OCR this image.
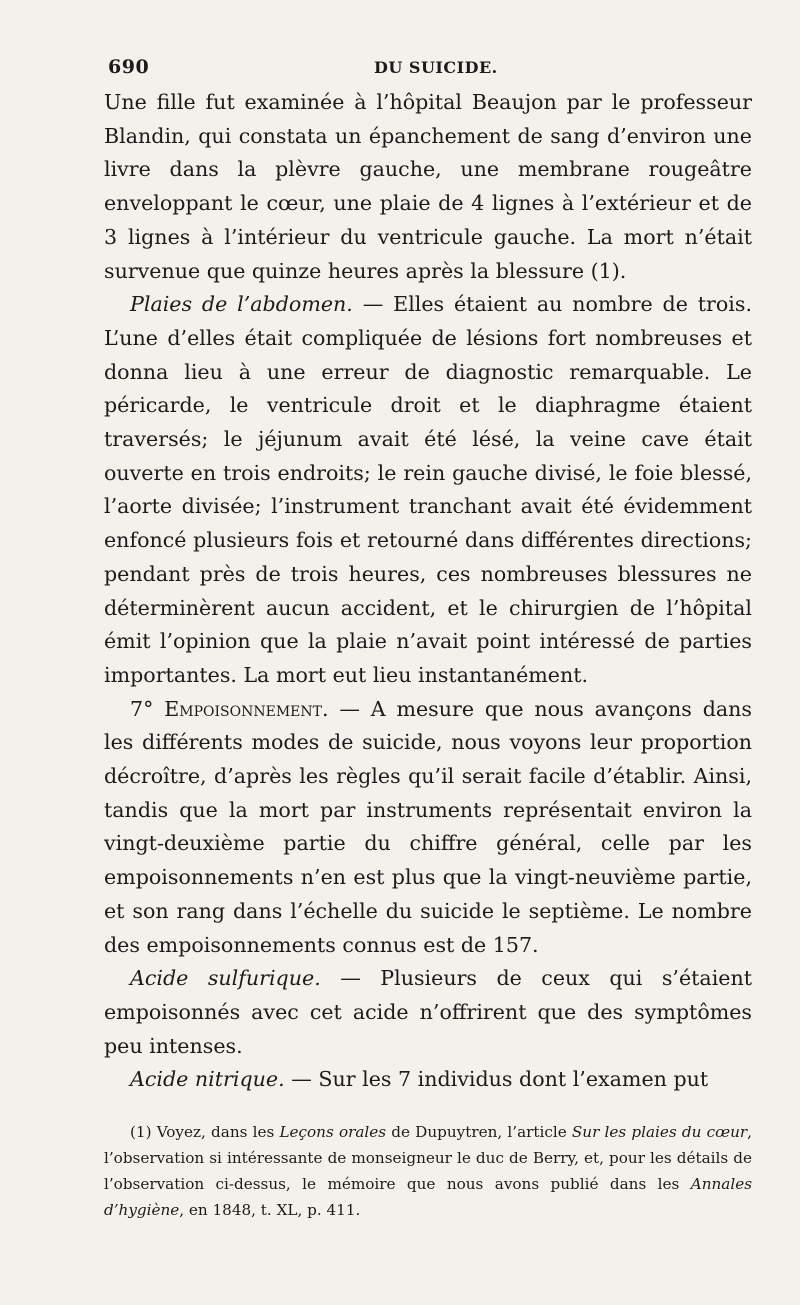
690	DU SUICIDE.

Une fille fut examinée à l’hôpital Beaujon par le professeur Blandin, qui constata un épanchement de sang d’environ une livre dans la plèvre gauche, une membrane rougeâtre enveloppant le cœur, une plaie de 4 lignes à l’extérieur et de 3 lignes à l’intérieur du ventricule gauche. La mort n’était survenue que quinze heures après la blessure (1).

Plaies de l’abdomen. — Elles étaient au nombre de trois. L’une d’elles était compliquée de lésions fort nombreuses et donna lieu à une erreur de diagnostic remarquable. Le péricarde, le ventricule droit et le diaphragme étaient traversés; le jéjunum avait été lésé, la veine cave était ouverte en trois endroits; le rein gauche divisé, le foie blessé, l’aorte divisée; l’instrument tranchant avait été évidemment enfoncé plusieurs fois et retourné dans différentes directions; pendant près de trois heures, ces nombreuses blessures ne déterminèrent aucun accident, et le chirurgien de l’hôpital émit l’opinion que la plaie n’avait point intéressé de parties importantes. La mort eut lieu instantanément.

7° Empoisonnement. — A mesure que nous avançons dans les différents modes de suicide, nous voyons leur proportion décroître, d’après les règles qu’il serait facile d’établir. Ainsi, tandis que la mort par instruments représentait environ la vingt-deuxième partie du chiffre général, celle par les empoisonnements n’en est plus que la vingt-neuvième partie, et son rang dans l’échelle du suicide le septième. Le nombre des empoisonnements connus est de 157.

Acide sulfurique. — Plusieurs de ceux qui s’étaient empoisonnés avec cet acide n’offrirent que des symptômes peu intenses.

Acide nitrique. — Sur les 7 individus dont l’examen put

(1) Voyez, dans les Leçons orales de Dupuytren, l’article Sur les plaies du cœur, l’observation si intéressante de monseigneur le duc de Berry, et, pour les détails de l’observation ci-dessus, le mémoire que nous avons publié dans les Annales d’hygiène, en 1848, t. XL, p. 411.
